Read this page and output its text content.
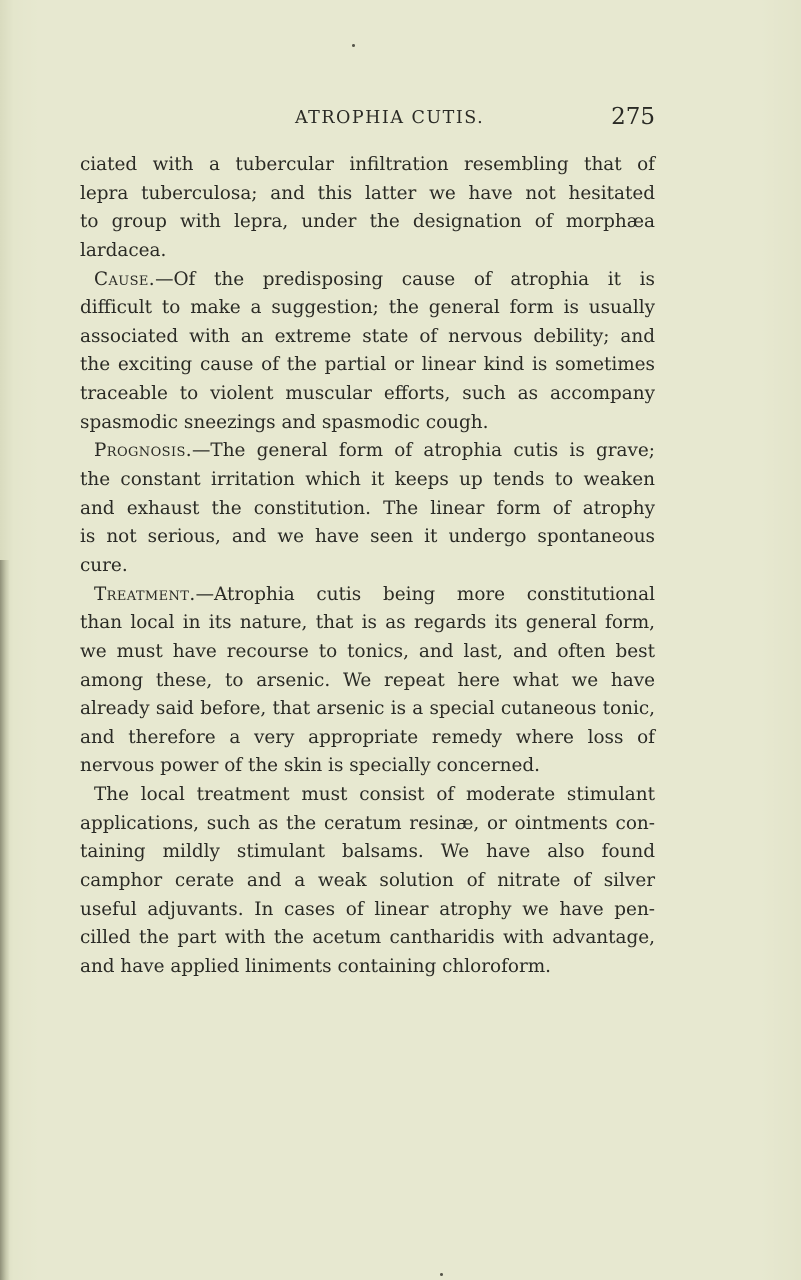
ATROPHIA CUTIS.	275
ciated with a tubercular infiltration resembling that of
lepra tuberculosa; and this latter we have not hesitated
to group with lepra, under the designation of morphæa
lardacea.
Cause.—Of the predisposing cause of atrophia it is
difficult to make a suggestion; the general form is usually
associated with an extreme state of nervous debility; and
the exciting cause of the partial or linear kind is sometimes
traceable to violent muscular efforts, such as accompany
spasmodic sneezings and spasmodic cough.
Prognosis.—The general form of atrophia cutis is grave;
the constant irritation which it keeps up tends to weaken
and exhaust the constitution. The linear form of atrophy
is not serious, and we have seen it undergo spontaneous
cure.
Treatment.—Atrophia cutis being more constitutional
than local in its nature, that is as regards its general form,
we must have recourse to tonics, and last, and often best
among these, to arsenic. We repeat here what we have
already said before, that arsenic is a special cutaneous tonic,
and therefore a very appropriate remedy where loss of
nervous power of the skin is specially concerned.
The local treatment must consist of moderate stimulant
applications, such as the ceratum resinæ, or ointments con-
taining mildly stimulant balsams. We have also found
camphor cerate and a weak solution of nitrate of silver
useful adjuvants. In cases of linear atrophy we have pen-
cilled the part with the acetum cantharidis with advantage,
and have applied liniments containing chloroform.
